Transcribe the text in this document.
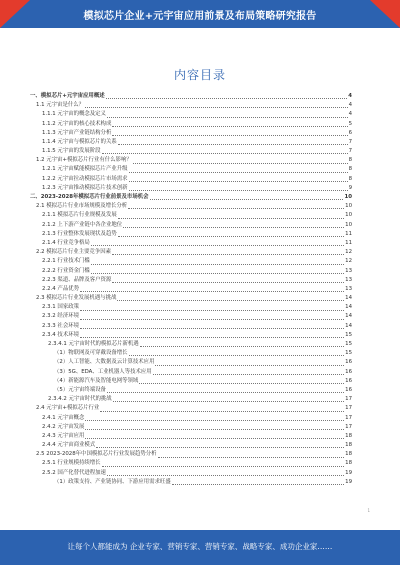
模拟芯片企业+元宇宙应用前景及布局策略研究报告
内容目录
一、模拟芯片+元宇宙应用概述	4
1.1 元宇宙是什么？	4
1.1.1 元宇宙的概念及定义	4
1.1.2 元宇宙的核心技术构成	5
1.1.3 元宇宙产业链结构分析	6
1.1.4 元宇宙与模拟芯片的关系	7
1.1.5 元宇宙的发展阶段	7
1.2 元宇宙+模拟芯片行业有什么影响？	8
1.2.1 元宇宙赋能模拟芯片产业升级	8
1.2.2 元宇宙拉动模拟芯片市场需求	8
1.2.3 元宇宙推动模拟芯片技术创新	9
二、2023-2028年模拟芯片行业前景及市场机会	10
2.1 模拟芯片行业市场规模及增长分析	10
2.1.1 模拟芯片行业规模及发展	10
2.1.2 上下游产业链中各企业地位	10
2.1.3 行业整体发展现状及趋势	11
2.1.4 行业竞争格局	11
2.2 模拟芯片行业主要竞争因素	12
2.2.1 行业技术门槛	12
2.2.2 行业资金门槛	13
2.2.3 渠道、品牌及客户资源	13
2.2.4 产品优势	13
2.3 模拟芯片行业发展机遇与挑战	14
2.3.1 国家政策	14
2.3.2 经济环境	14
2.3.3 社会环境	14
2.3.4 技术环境	15
2.3.4.1 元宇宙时代的模拟芯片新机遇	15
（1）物联网及可穿戴设备增长	15
（2）人工智能、大数据及云计算技术应用	16
（3）5G、EDA、工业机器人等技术应用	16
（4）新能源汽车及智能电网等领域	16
（5）元宇宙终端设备	16
2.3.4.2 元宇宙时代的挑战	17
2.4 元宇宙+模拟芯片行业	17
2.4.1 元宇宙概念	17
2.4.2 元宇宙发展	17
2.4.3 元宇宙应用	18
2.4.4 元宇宙商业模式	18
2.5 2023-2028年中国模拟芯片行业发展趋势分析	18
2.5.1 行业规模持续增长	18
2.5.2 国产化替代进程加速	19
（1）政策支持、产业链协同、下游应用需求旺盛	19
1
让每个人都能成为 企业专家、营销专家、营销专家、战略专家、成功企业家……
